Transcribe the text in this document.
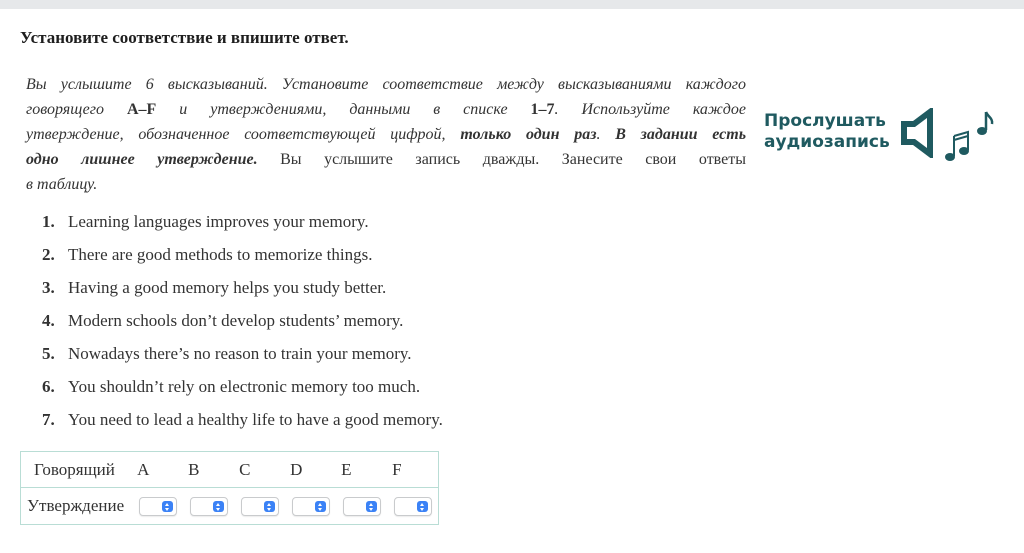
Установите соответствие и впишите ответ.
Вы услышите 6 высказываний. Установите соответствие между высказываниями каждого
говорящего A–F и утверждениями, данными в списке 1–7. Используйте каждое
утверждение, обозначенное соответствующей цифрой, только один раз. В задании есть
одно лишнее утверждение. Вы услышите запись дважды. Занесите свои ответы
в таблицу.
Прослушать
аудиозапись
1. Learning languages improves your memory.
2. There are good methods to memorize things.
3. Having a good memory helps you study better.
4. Modern schools don’t develop students’ memory.
5. Nowadays there’s no reason to train your memory.
6. You shouldn’t rely on electronic memory too much.
7. You need to lead a healthy life to have a good memory.
Говорящий	A	B	C	D	E	F
Утверждение	
